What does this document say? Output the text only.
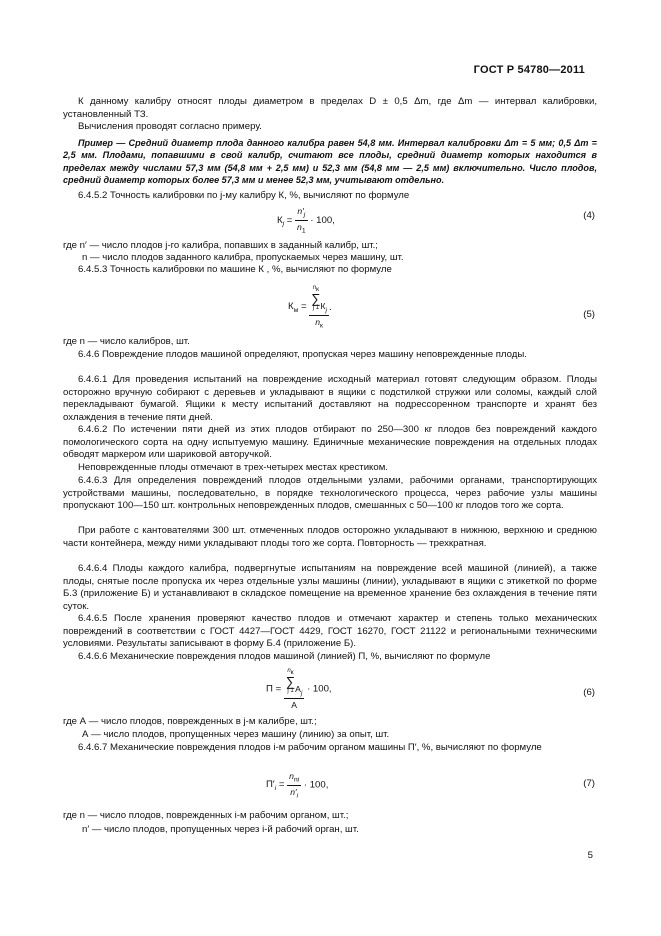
ГОСТ Р 54780—2011
К данному калибру относят плоды диаметром в пределах D ± 0,5 Δm, где Δm — интервал калибровки, установленный ТЗ.
Вычисления проводят согласно примеру.
Пример — Средний диаметр плода данного калибра равен 54,8 мм. Интервал калибровки Δm = 5 мм; 0,5 Δm = 2,5 мм. Плодами, попавшими в свой калибр, считают все плоды, средний диаметр которых находится в пределах между числами 57,3 мм (54,8 мм + 2,5 мм) и 52,3 мм (54,8 мм — 2,5 мм) включительно. Число плодов, средний диаметр которых более 57,3 мм и менее 52,3 мм, учитывают отдельно.
6.4.5.2 Точность калибровки по j-му калибру К, %, вычисляют по формуле
$К_j = \frac{n'_j}{n_1} \cdot 100$,	(4)
где n′ — число плодов j-го калибра, попавших в заданный калибр, шт.;
n — число плодов заданного калибра, пропускаемых через машину, шт.
6.4.5.3 Точность калибровки по машине К , %, вычисляют по формуле
$К_м = n_к$
∑
j 1 $К_j$
$n_к$ .
(5)
где n — число калибров, шт.
6.4.6 Повреждение плодов машиной определяют, пропуская через машину неповрежденные плоды.
6.4.6.1 Для проведения испытаний на повреждение исходный материал готовят следующим образом. Плоды осторожно вручную собирают с деревьев и укладывают в ящики с подстилкой стружки или соломы, каждый слой перекладывают бумагой. Ящики к месту испытаний доставляют на подрессоренном транспорте и хранят без охлаждения в течение пяти дней.
6.4.6.2 По истечении пяти дней из этих плодов отбирают по 250—300 кг плодов без повреждений каждого помологического сорта на одну испытуемую машину. Единичные механические повреждения на отдельных плодах обводят маркером или шариковой авторучкой.
Неповрежденные плоды отмечают в трех-четырех местах крестиком.
6.4.6.3 Для определения повреждений плодов отдельными узлами, рабочими органами, транспортирующих устройствами машины, последовательно, в порядке технологического процесса, через рабочие узлы машины пропускают 100—150 шт. контрольных неповрежденных плодов, смешанных с 50—100 кг плодов того же сорта.
При работе с кантователями 300 шт. отмеченных плодов осторожно укладывают в нижнюю, верхнюю и среднюю части контейнера, между ними укладывают плоды того же сорта. Повторность — трехкратная.
6.4.6.4 Плоды каждого калибра, подвергнутые испытаниям на повреждение всей машиной (линией), а также плоды, снятые после пропуска их через отдельные узлы машины (линии), укладывают в ящики с этикеткой по форме Б.3 (приложение Б) и устанавливают в складское помещение на временное хранение без охлаждения в течение пяти суток.
6.4.6.5 После хранения проверяют качество плодов и отмечают характер и степень только механических повреждений в соответствии с ГОСТ 4427—ГОСТ 4429, ГОСТ 16270, ГОСТ 21122 и региональными техническими условиями. Результаты записывают в форму Б.4 (приложение Б).
6.4.6.6 Механические повреждения плодов машиной (линией) П, %, вычисляют по формуле
$П = n_к$
∑
j 1 $А_j$
А · 100,	(6)
где А — число плодов, поврежденных в j-м калибре, шт.;
А — число плодов, пропущенных через машину (линию) за опыт, шт.
6.4.6.7 Механические повреждения плодов i-м рабочим органом машины П′, %, вычисляют по формуле
$П'_i = \frac{n_{пi}}{n'_i} \cdot 100$,	(7)
где n — число плодов, поврежденных i-м рабочим органом, шт.;
n′ — число плодов, пропущенных через i-й рабочий орган, шт.
5
